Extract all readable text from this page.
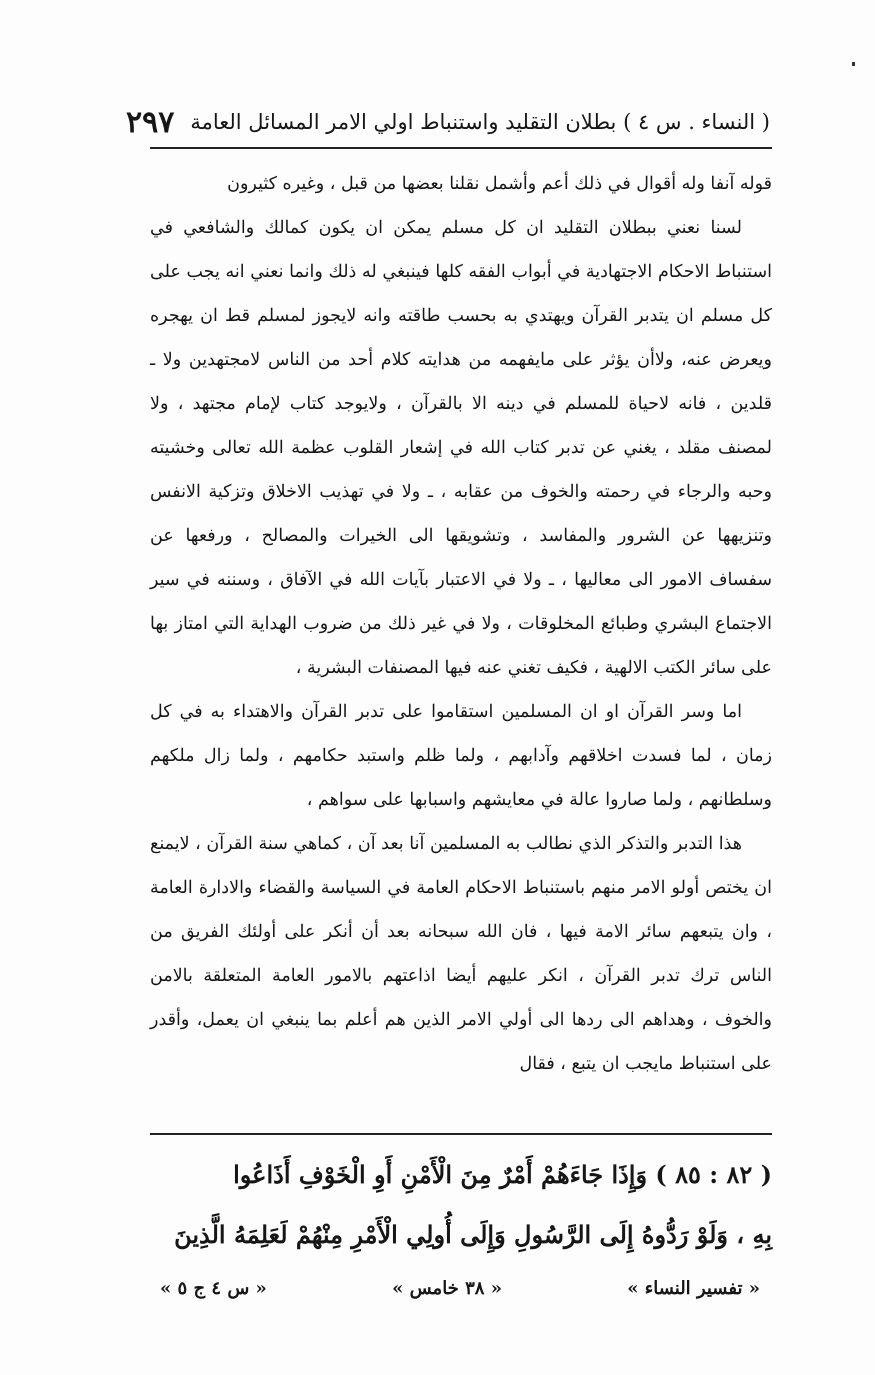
( النساء . س ٤ ) بطلان التقليد واستنباط اولي الامر المسائل العامة
٢٩٧

قوله آنفا وله أقوال في ذلك أعم وأشمل نقلنا بعضها من قبل ، وغيره كثيرون

لسنا نعني ببطلان التقليد ان كل مسلم يمكن ان يكون كمالك والشافعي في استنباط الاحكام الاجتهادية في أبواب الفقه كلها فينبغي له ذلك وانما نعني انه يجب على كل مسلم ان يتدبر القرآن ويهتدي به بحسب طاقته وانه لايجوز لمسلم قط ان يهجره ويعرض عنه، ولاأن يؤثر على مايفهمه من هدايته كلام أحد من الناس لامجتهدين ولا ـ قلدين ، فانه لاحياة للمسلم في دينه الا بالقرآن ، ولايوجد كتاب لإمام مجتهد ، ولا لمصنف مقلد ، يغني عن تدبر كتاب الله في إشعار القلوب عظمة الله تعالى وخشيته وحبه والرجاء في رحمته والخوف من عقابه ، ـ ولا في تهذيب الاخلاق وتزكية الانفس وتنزيهها عن الشرور والمفاسد ، وتشويقها الى الخيرات والمصالح ، ورفعها عن سفساف الامور الى معاليها ، ـ ولا في الاعتبار بآيات الله في الآفاق ، وسننه في سير الاجتماع البشري وطبائع المخلوقات ، ولا في غير ذلك من ضروب الهداية التي امتاز بها على سائر الكتب الالهية ، فكيف تغني عنه فيها المصنفات البشرية ،

اما وسر القرآن او ان المسلمين استقاموا على تدبر القرآن والاهتداء به في كل زمان ، لما فسدت اخلاقهم وآدابهم ، ولما ظلم واستبد حكامهم ، ولما زال ملكهم وسلطانهم ، ولما صاروا عالة في معايشهم واسبابها على سواهم ،

هذا التدبر والتذكر الذي نطالب به المسلمين آنا بعد آن ، كماهي سنة القرآن ، لايمنع ان يختص أولو الامر منهم باستنباط الاحكام العامة في السياسة والقضاء والادارة العامة ، وان يتبعهم سائر الامة فيها ، فان الله سبحانه بعد أن أنكر على أولئك الفريق من الناس ترك تدبر القرآن ، انكر عليهم أيضا اذاعتهم بالامور العامة المتعلقة بالامن والخوف ، وهداهم الى ردها الى أولي الامر الذين هم أعلم بما ينبغي ان يعمل، وأقدر على استنباط مايجب ان يتبع ، فقال

( ٨٢ : ٨٥ ) وَإِذَا جَاءَهُمْ أَمْرٌ مِنَ الْأَمْنِ أَوِ الْخَوْفِ أَذَاعُوا

بِهِ ، وَلَوْ رَدُّوهُ إِلَى الرَّسُولِ وَإِلَى أُولِي الْأَمْرِ مِنْهُمْ لَعَلِمَهُ الَّذِينَ

« تفسير النساء »
« ٣٨ خامس »
« س ٤ ج ٥ »
